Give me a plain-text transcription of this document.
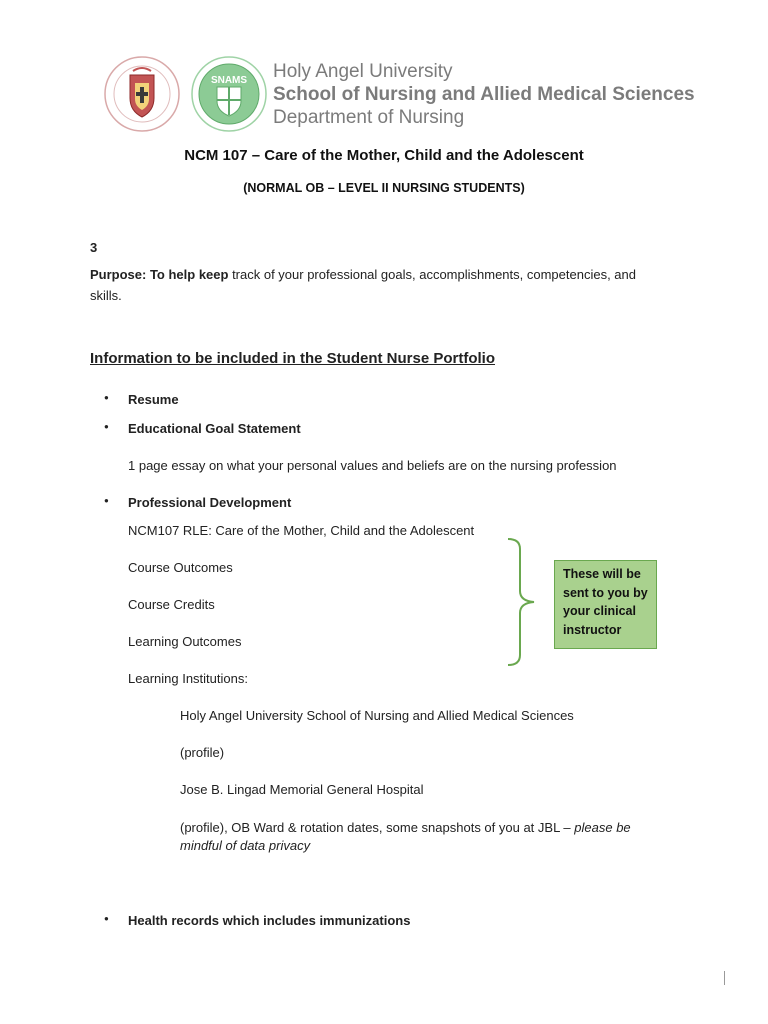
SNAMS Holy Angel University
School of Nursing and Allied Medical Sciences
Department of Nursing
NCM 107 – Care of the Mother, Child and the Adolescent
(NORMAL OB – LEVEL II NURSING STUDENTS)
3
Purpose: To help keep track of your professional goals, accomplishments, competencies, and
skills.
Information to be included in the Student Nurse Portfolio
● Resume
● Educational Goal Statement
1 page essay on what your personal values and beliefs are on the nursing profession
● Professional Development
NCM107 RLE: Care of the Mother, Child and the Adolescent
Course Outcomes
Course Credits
Learning Outcomes
Learning Institutions:
Holy Angel University School of Nursing and Allied Medical Sciences
(profile)
Jose B. Lingad Memorial General Hospital
(profile), OB Ward & rotation dates, some snapshots of you at JBL – please be
mindful of data privacy
● Health records which includes immunizations
These will be sent to you by your clinical instructor
